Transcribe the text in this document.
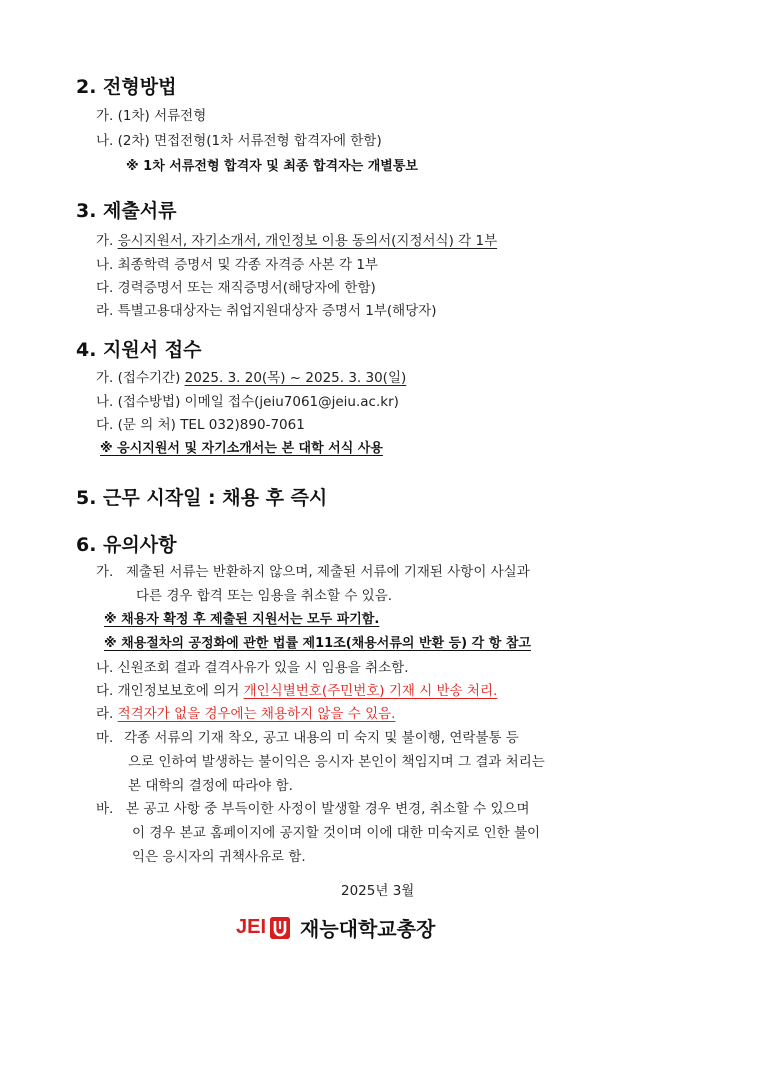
2. 전형방법
가. (1차) 서류전형
나. (2차) 면접전형(1차 서류전형 합격자에 한함)
※ 1차 서류전형 합격자 및 최종 합격자는 개별통보
3. 제출서류
가. 응시지원서, 자기소개서, 개인정보 이용 동의서(지정서식) 각 1부
나. 최종학력 증명서 및 각종 자격증 사본 각 1부
다. 경력증명서 또는 재직증명서(해당자에 한함)
라. 특별고용대상자는 취업지원대상자 증명서 1부(해당자)
4. 지원서 접수
가. (접수기간) 2025. 3. 20(목) ~ 2025. 3. 30(일)
나. (접수방법) 이메일 접수(jeiu7061@jeiu.ac.kr)
다. (문 의 처) TEL 032)890-7061
※ 응시지원서 및 자기소개서는 본 대학 서식 사용
5. 근무 시작일 : 채용 후 즉시
6. 유의사항
가. 제출된 서류는 반환하지 않으며, 제출된 서류에 기재된 사항이 사실과
다른 경우 합격 또는 임용을 취소할 수 있음.
※ 채용자 확정 후 제출된 지원서는 모두 파기함.
※ 채용절차의 공정화에 관한 법률 제11조(채용서류의 반환 등) 각 항 참고
나. 신원조회 결과 결격사유가 있을 시 임용을 취소함.
다. 개인정보보호에 의거 개인식별번호(주민번호) 기재 시 반송 처리.
라. 적격자가 없을 경우에는 채용하지 않을 수 있음.
마. 각종 서류의 기재 착오, 공고 내용의 미 숙지 및 불이행, 연락불통 등
으로 인하여 발생하는 불이익은 응시자 본인이 책임지며 그 결과 처리는
본 대학의 결정에 따라야 함.
바. 본 공고 사항 중 부득이한 사정이 발생할 경우 변경, 취소할 수 있으며
이 경우 본교 홈페이지에 공지할 것이며 이에 대한 미숙지로 인한 불이
익은 응시자의 귀책사유로 함.
2025년 3월
JEI 재능대학교총장
